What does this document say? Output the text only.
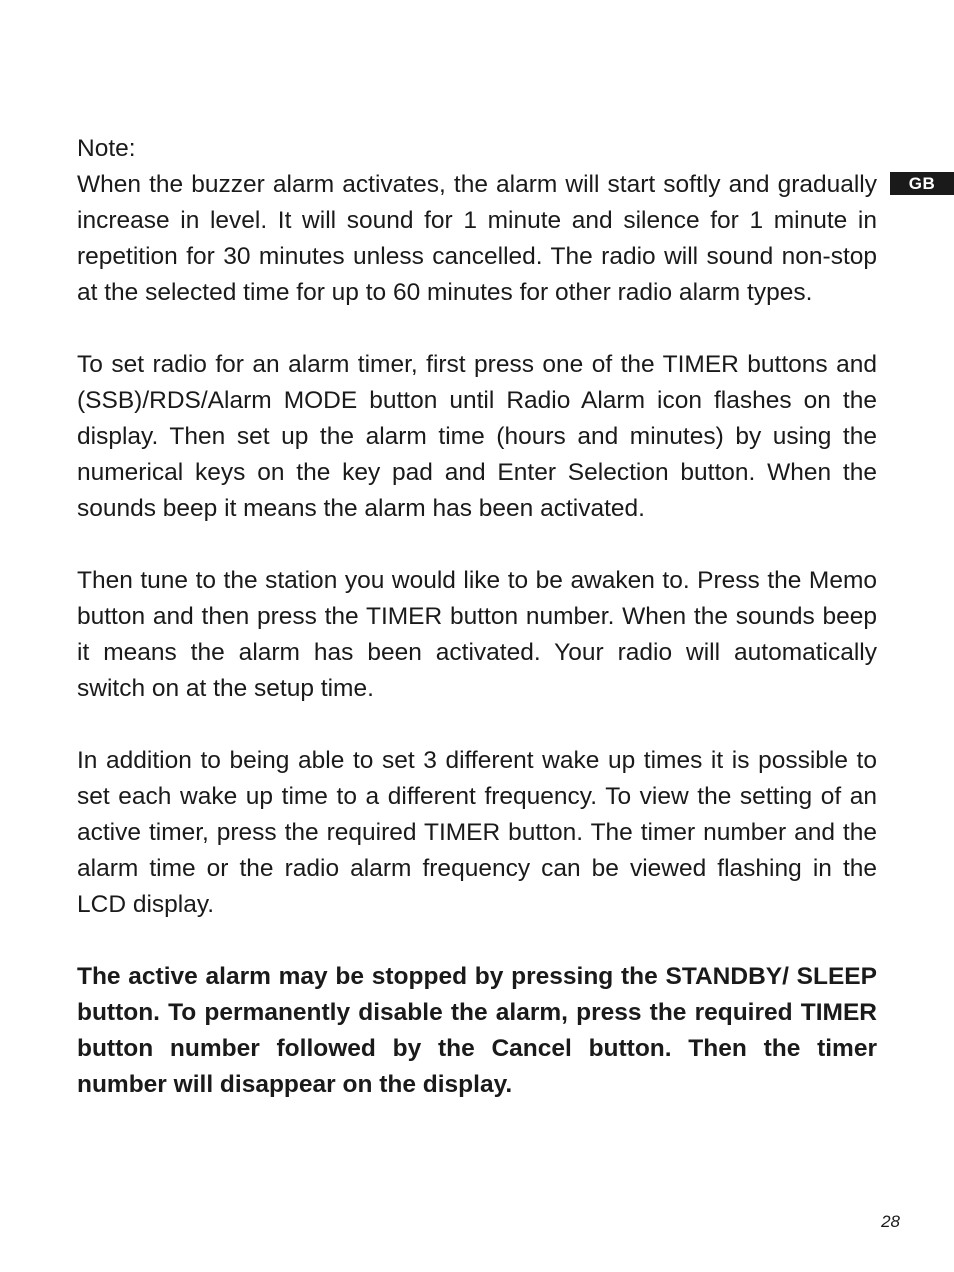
GB

Note:
When the buzzer alarm activates, the alarm will start softly and gradually increase in level. It will sound for 1 minute and silence for 1 minute in repetition for 30 minutes unless cancelled. The radio will sound non-stop at the selected time for up to 60 minutes for other radio alarm types.

To set radio for an alarm timer, first press one of the TIMER buttons and (SSB)/RDS/Alarm MODE button until Radio Alarm icon flashes on the display. Then set up the alarm time (hours and minutes) by using the numerical keys on the key pad and Enter Selection button. When the sounds beep it means the alarm has been activated.

Then tune to the station you would like to be awaken to. Press the Memo button and then press the TIMER button number. When the sounds beep it means the alarm has been activated. Your radio will automatically switch on at the setup time.

In addition to being able to set 3 different wake up times it is possible to set each wake up time to a different frequency. To view the setting of an active timer, press the required TIMER button. The timer number and the alarm time or the radio alarm frequency can be viewed flashing in the LCD display.

The active alarm may be stopped by pressing the STANDBY/ SLEEP button. To permanently disable the alarm, press the required TIMER button number followed by the Cancel button. Then the timer number will disappear on the display.

28
